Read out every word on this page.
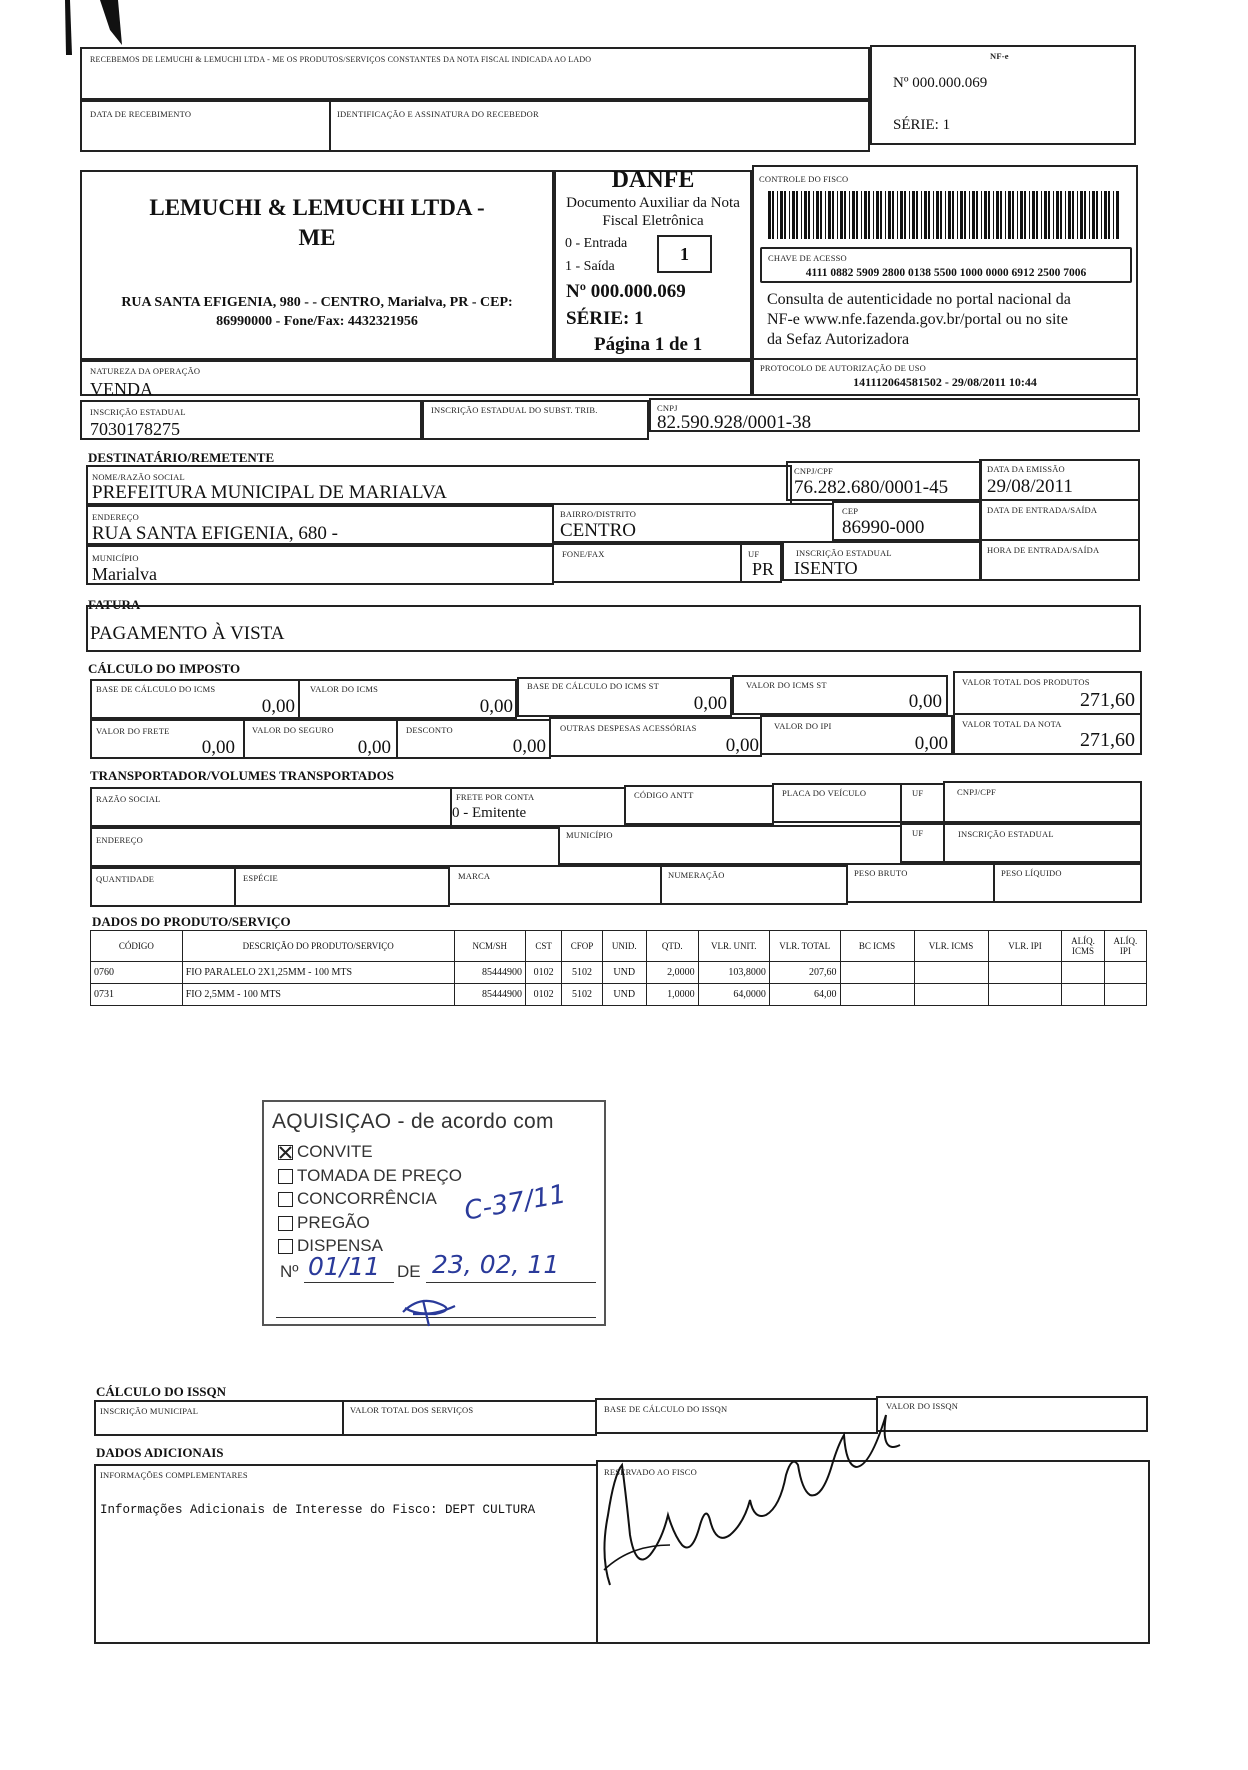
RECEBEMOS DE LEMUCHI & LEMUCHI LTDA - ME OS PRODUTOS/SERVIÇOS CONSTANTES DA NOTA FISCAL INDICADA AO LADO
DATA DE RECEBIMENTO	IDENTIFICAÇÃO E ASSINATURA DO RECEBEDOR
NF-e
Nº 000.000.069
SÉRIE: 1
LEMUCHI & LEMUCHI LTDA -
ME
RUA SANTA EFIGENIA, 980 - - CENTRO, Marialva, PR - CEP:
86990000 - Fone/Fax: 4432321956
DANFE
Documento Auxiliar da Nota
Fiscal Eletrônica
0 - Entrada
1 - Saída
1
Nº 000.000.069
SÉRIE: 1
Página 1 de 1
CONTROLE DO FISCO
CHAVE DE ACESSO
4111 0882 5909 2800 0138 5500 1000 0000 6912 2500 7006
Consulta de autenticidade no portal nacional da
NF-e www.nfe.fazenda.gov.br/portal ou no site
da Sefaz Autorizadora
NATUREZA DA OPERAÇÃO
VENDA
PROTOCOLO DE AUTORIZAÇÃO DE USO
141112064581502 - 29/08/2011 10:44
INSCRIÇÃO ESTADUAL
7030178275
INSCRIÇÃO ESTADUAL DO SUBST. TRIB.	CNPJ
82.590.928/0001-38
DESTINATÁRIO/REMETENTE
NOME/RAZÃO SOCIAL
PREFEITURA MUNICIPAL DE MARIALVA
CNPJ/CPF
76.282.680/0001-45
DATA DA EMISSÃO
29/08/2011
ENDEREÇO
RUA SANTA EFIGENIA, 680 -
BAIRRO/DISTRITO
CENTRO
CEP
86990-000
DATA DE ENTRADA/SAÍDA
MUNICÍPIO
Marialva
FONE/FAX	UF
PR
INSCRIÇÃO ESTADUAL
ISENTO
HORA DE ENTRADA/SAÍDA
FATURA
PAGAMENTO À VISTA
CÁLCULO DO IMPOSTO
BASE DE CÁLCULO DO ICMS
0,00
VALOR DO ICMS
0,00
BASE DE CÁLCULO DO ICMS ST
0,00
VALOR DO ICMS ST
0,00
VALOR TOTAL DOS PRODUTOS
271,60
VALOR DO FRETE
0,00
VALOR DO SEGURO
0,00
DESCONTO
0,00
OUTRAS DESPESAS ACESSÓRIAS
0,00
VALOR DO IPI
0,00
VALOR TOTAL DA NOTA
271,60
TRANSPORTADOR/VOLUMES TRANSPORTADOS
RAZÃO SOCIAL	FRETE POR CONTA
0 - Emitente
CÓDIGO ANTT	PLACA DO VEÍCULO	UF	CNPJ/CPF
ENDEREÇO	MUNICÍPIO	UF	INSCRIÇÃO ESTADUAL
QUANTIDADE	ESPÉCIE	MARCA	NUMERAÇÃO	PESO BRUTO	PESO LÍQUIDO
DADOS DO PRODUTO/SERVIÇO
CÓDIGO	DESCRIÇÃO DO PRODUTO/SERVIÇO	NCM/SH	CST	CFOP	UNID.	QTD.	VLR. UNIT.	VLR. TOTAL	BC ICMS	VLR. ICMS	VLR. IPI	ALÍQ. ICMS	ALÍQ. IPI
0760	FIO PARALELO 2X1,25MM - 100 MTS	85444900	0102	5102	UND	2,0000	103,8000	207,60					
0731	FIO 2,5MM - 100 MTS	85444900	0102	5102	UND	1,0000	64,0000	64,00					
AQUISIÇAO - de acordo com
CONVITE
TOMADA DE PREÇO
CONCORRÊNCIA
PREGÃO
DISPENSA
Nº	DE
C-37/11
01/11 23, 02, 11
CÁLCULO DO ISSQN
INSCRIÇÃO MUNICIPAL	VALOR TOTAL DOS SERVIÇOS	BASE DE CÁLCULO DO ISSQN	VALOR DO ISSQN
DADOS ADICIONAIS
INFORMAÇÕES COMPLEMENTARES
Informações Adicionais de Interesse do Fisco: DEPT CULTURA
RESERVADO AO FISCO
